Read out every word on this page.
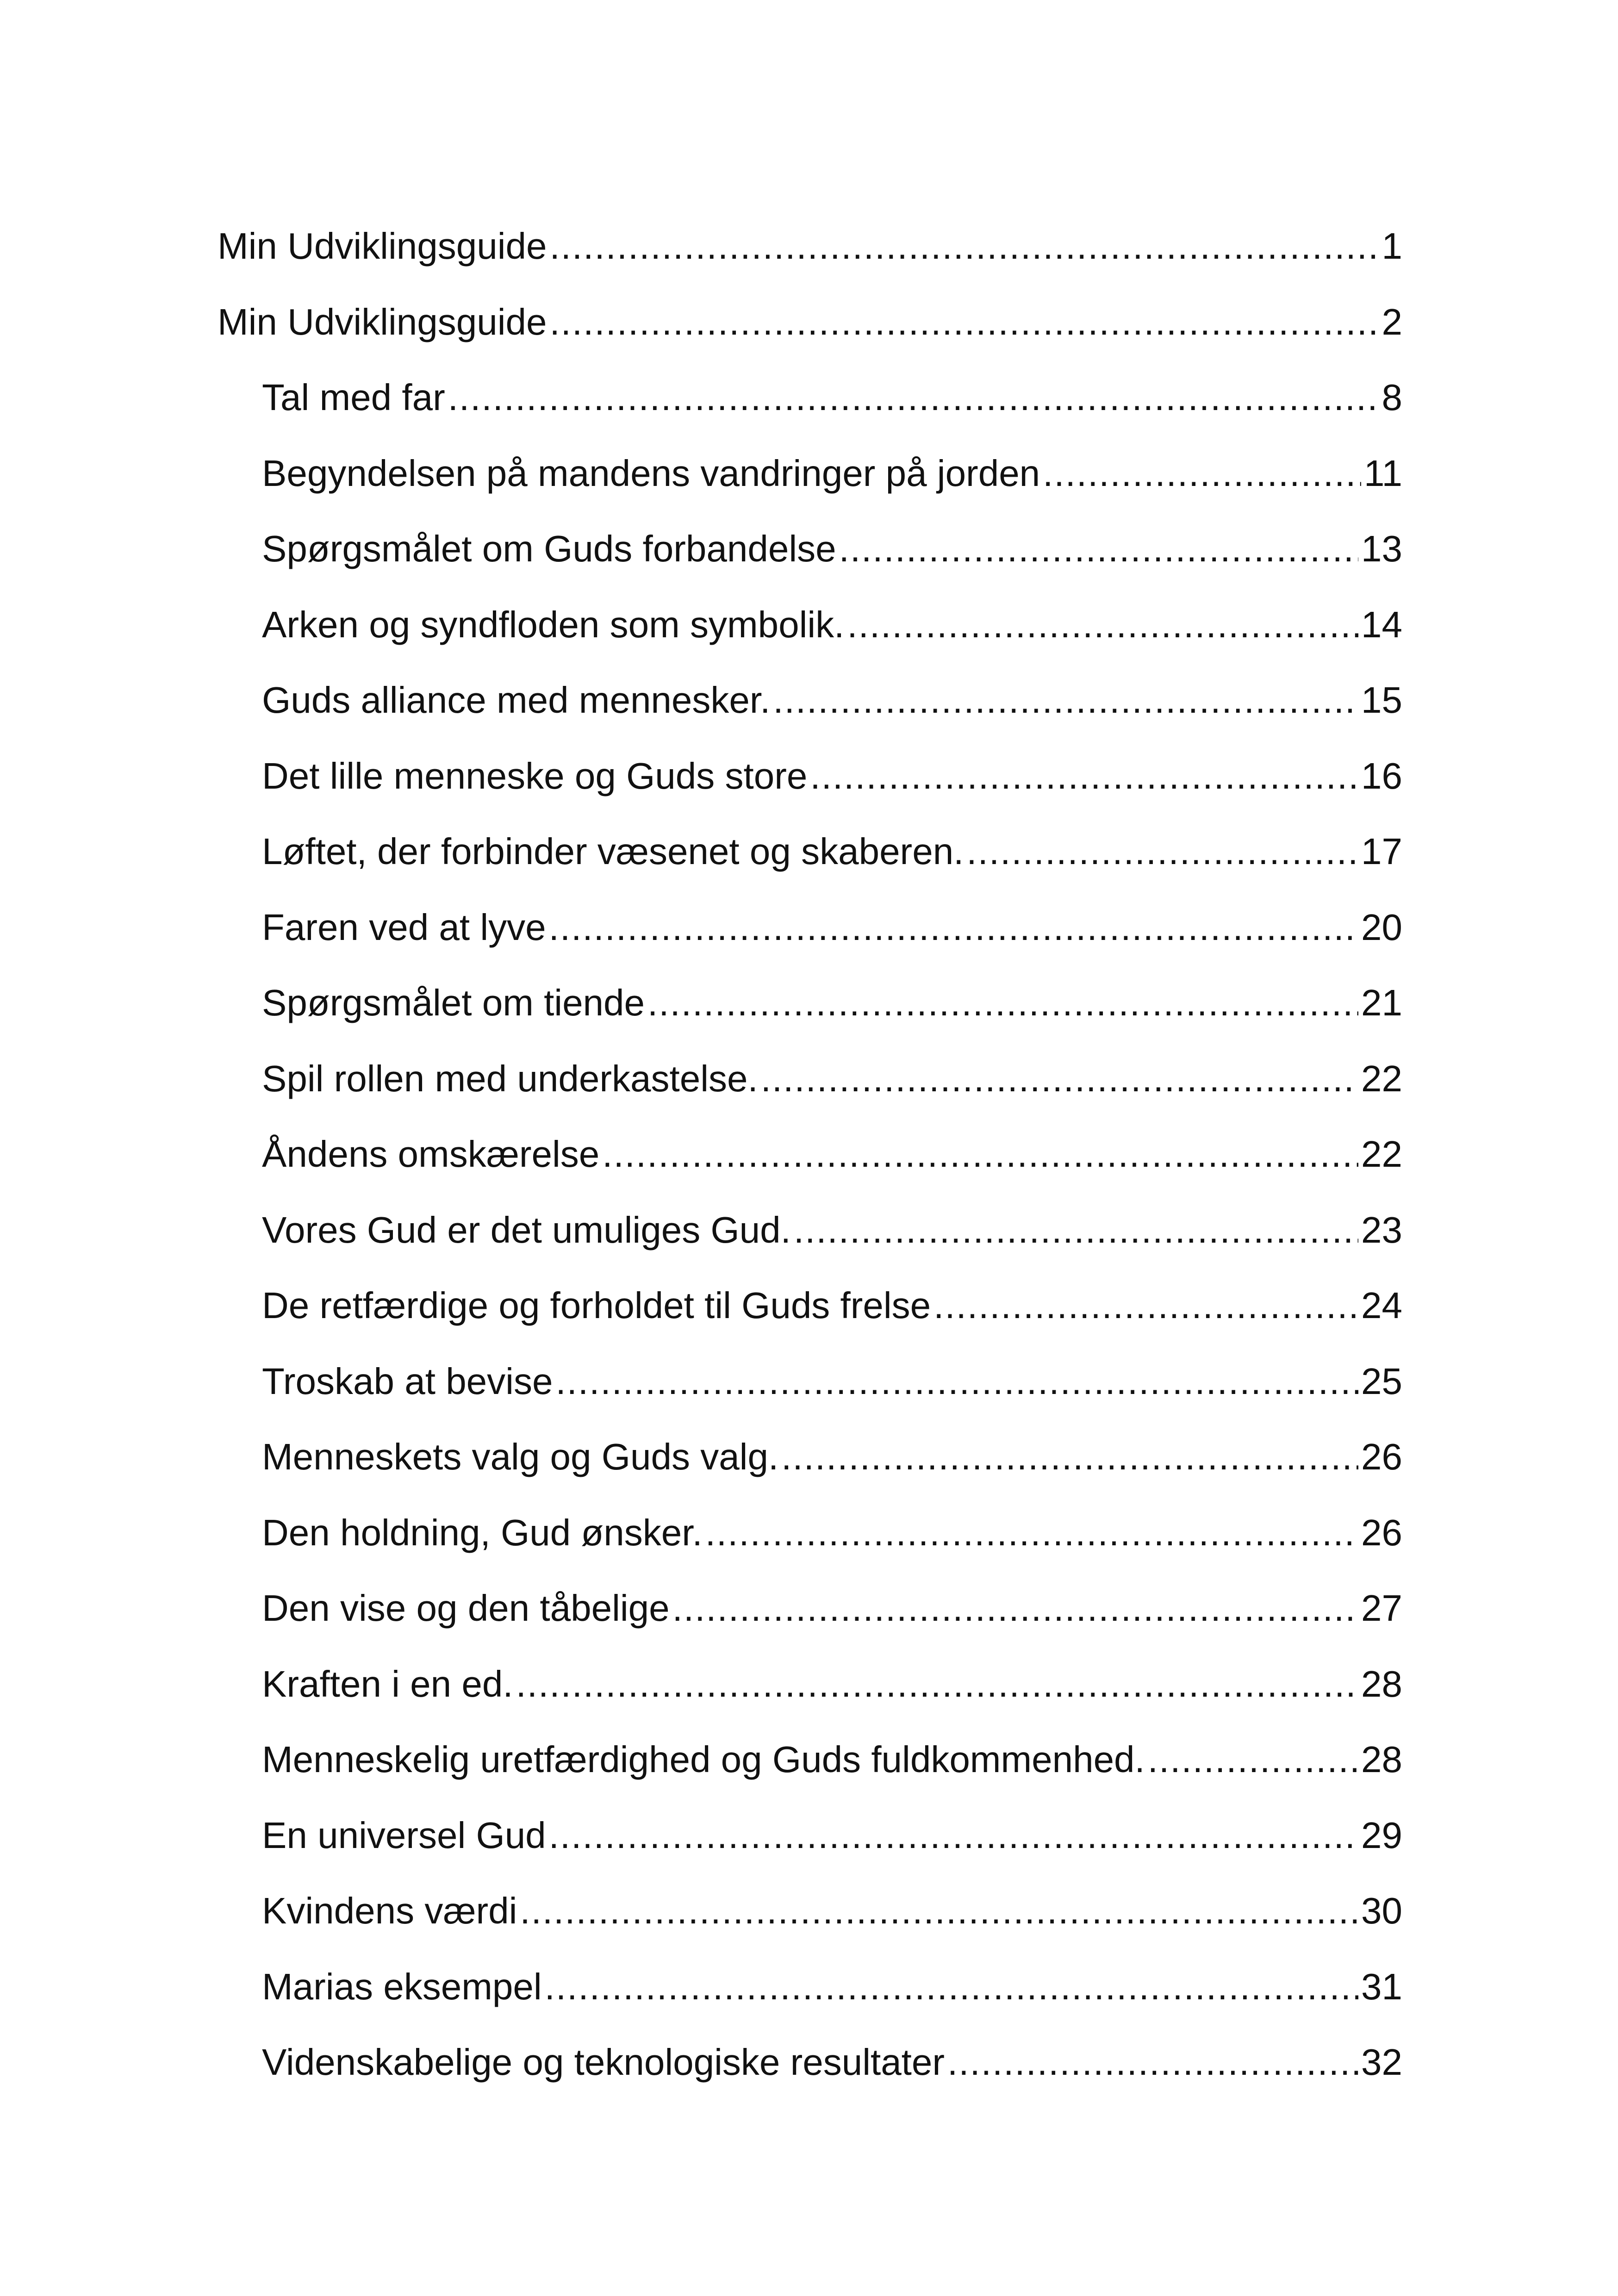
Min Udviklingsguide .....	1
Min Udviklingsguide .....	2
Tal med far .....	8
Begyndelsen på mandens vandringer på jorden .....	11
Spørgsmålet om Guds forbandelse .....	13
Arken og syndfloden som symbolik. .....	14
Guds alliance med mennesker. .....	15
Det lille menneske og Guds store .....	16
Løftet, der forbinder væsenet og skaberen. .....	17
Faren ved at lyve .....	20
Spørgsmålet om tiende .....	21
Spil rollen med underkastelse. .....	22
Åndens omskærelse .....	22
Vores Gud er det umuliges Gud. .....	23
De retfærdige og forholdet til Guds frelse .....	24
Troskab at bevise .....	25
Menneskets valg og Guds valg. .....	26
Den holdning, Gud ønsker. .....	26
Den vise og den tåbelige .....	27
Kraften i en ed. .....	28
Menneskelig uretfærdighed og Guds fuldkommenhed. .....	28
En universel Gud .....	29
Kvindens værdi .....	30
Marias eksempel .....	31
Videnskabelige og teknologiske resultater .....	32
